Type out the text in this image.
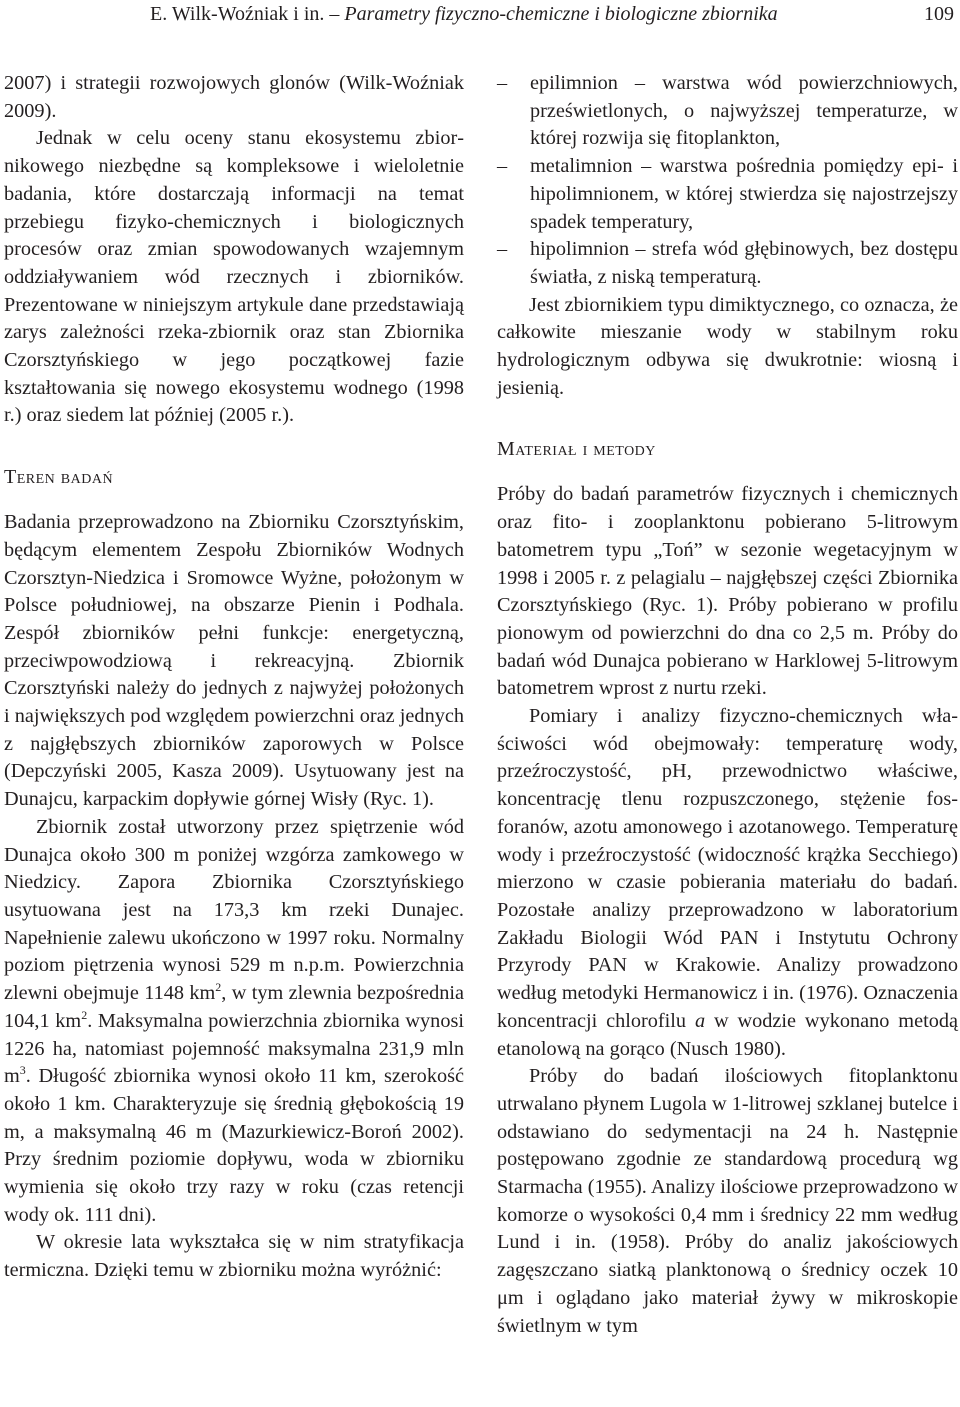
E. Wilk-Woźniak i in. – Parametry fizyczno-chemiczne i biologiczne zbiornika	109

2007) i strategii rozwojowych glonów (Wilk-Woźniak 2009).

Jednak w celu oceny stanu ekosystemu zbiornikowego niezbędne są kompleksowe i wieloletnie badania, które dostarczają informacji na temat przebiegu fizyko-chemicznych i biologicznych procesów oraz zmian spowodowanych wzajemnym oddziaływaniem wód rzecznych i zbiorników. Prezentowane w niniejszym artykule dane przedstawiają zarys zależności rzeka-zbiornik oraz stan Zbiornika Czorsztyńskiego w jego początkowej fazie kształtowania się nowego ekosystemu wodnego (1998 r.) oraz siedem lat później (2005 r.).

Teren badań

Badania przeprowadzono na Zbiorniku Czorsztyńskim, będącym elementem Zespołu Zbiorników Wodnych Czorsztyn-Niedzica i Sromowce Wyżne, położonym w Polsce południowej, na obszarze Pienin i Podhala. Zespół zbiorników pełni funkcje: energetyczną, przeciwpowodziową i rekreacyjną. Zbiornik Czorsztyński należy do jednych z najwyżej położonych i największych pod względem powierzchni oraz jednych z najgłębszych zbiorników zaporowych w Polsce (Depczyński 2005, Kasza 2009). Usytuowany jest na Dunajcu, karpackim dopływie górnej Wisły (Ryc. 1).

Zbiornik został utworzony przez spiętrzenie wód Dunajca około 300 m poniżej wzgórza zamkowego w Niedzicy. Zapora Zbiornika Czorsztyńskiego usytuowana jest na 173,3 km rzeki Dunajec. Napełnienie zalewu ukończono w 1997 roku. Normalny poziom piętrzenia wynosi 529 m n.p.m. Powierzchnia zlewni obejmuje 1148 $km^2$, w tym zlewnia bezpośrednia 104,1 $km^2$. Maksymalna powierzchnia zbiornika wynosi 1226 ha, natomiast pojemność maksymalna 231,9 mln $m^3$. Długość zbiornika wynosi około 11 km, szerokość około 1 km. Charakteryzuje się średnią głębokością 19 m, a maksymalną 46 m (Mazurkiewicz-Boroń 2002). Przy średnim poziomie dopływu, woda w zbiorniku wymienia się około trzy razy w roku (czas retencji wody ok. 111 dni).

W okresie lata wykształca się w nim stratyfikacja termiczna. Dzięki temu w zbiorniku można wyróżnić:

– epilimnion – warstwa wód powierzchniowych, prześwietlonych, o najwyższej temperaturze, w której rozwija się fitoplankton,
– metalimnion – warstwa pośrednia pomiędzy epi- i hipolimnionem, w której stwierdza się najostrzejszy spadek temperatury,
– hipolimnion – strefa wód głębinowych, bez dostępu światła, z niską temperaturą.

Jest zbiornikiem typu dimiktycznego, co oznacza, że całkowite mieszanie wody w stabilnym roku hydrologicznym odbywa się dwukrotnie: wiosną i jesienią.

Materiał i metody

Próby do badań parametrów fizycznych i chemicznych oraz fito- i zooplanktonu pobierano 5-litrowym batometrem typu „Toń” w sezonie wegetacyjnym w 1998 i 2005 r. z pelagialu – najgłębszej części Zbiornika Czorsztyńskiego (Ryc. 1). Próby pobierano w profilu pionowym od powierzchni do dna co 2,5 m. Próby do badań wód Dunajca pobierano w Harklowej 5-litrowym batometrem wprost z nurtu rzeki.

Pomiary i analizy fizyczno-chemicznych właściwości wód obejmowały: temperaturę wody, przeźroczystość, pH, przewodnictwo właściwe, koncentrację tlenu rozpuszczonego, stężenie fosforanów, azotu amonowego i azotanowego. Temperaturę wody i przeźroczystość (widoczność krążka Secchiego) mierzono w czasie pobierania materiału do badań. Pozostałe analizy przeprowadzono w laboratorium Zakładu Biologii Wód PAN i Instytutu Ochrony Przyrody PAN w Krakowie. Analizy prowadzono według metodyki Hermanowicz i in. (1976). Oznaczenia koncentracji chlorofilu a w wodzie wykonano metodą etanolową na gorąco (Nusch 1980).

Próby do badań ilościowych fitoplanktonu utrwalano płynem Lugola w 1-litrowej szklanej butelce i odstawiano do sedymentacji na 24 h. Następnie postępowano zgodnie ze standardową procedurą wg Starmacha (1955). Analizy ilościowe przeprowadzono w komorze o wysokości 0,4 mm i średnicy 22 mm według Lund i in. (1958). Próby do analiz jakościowych zagęszczano siatką planktonową o średnicy oczek 10 μm i oglądano jako materiał żywy w mikroskopie świetlnym w tym
